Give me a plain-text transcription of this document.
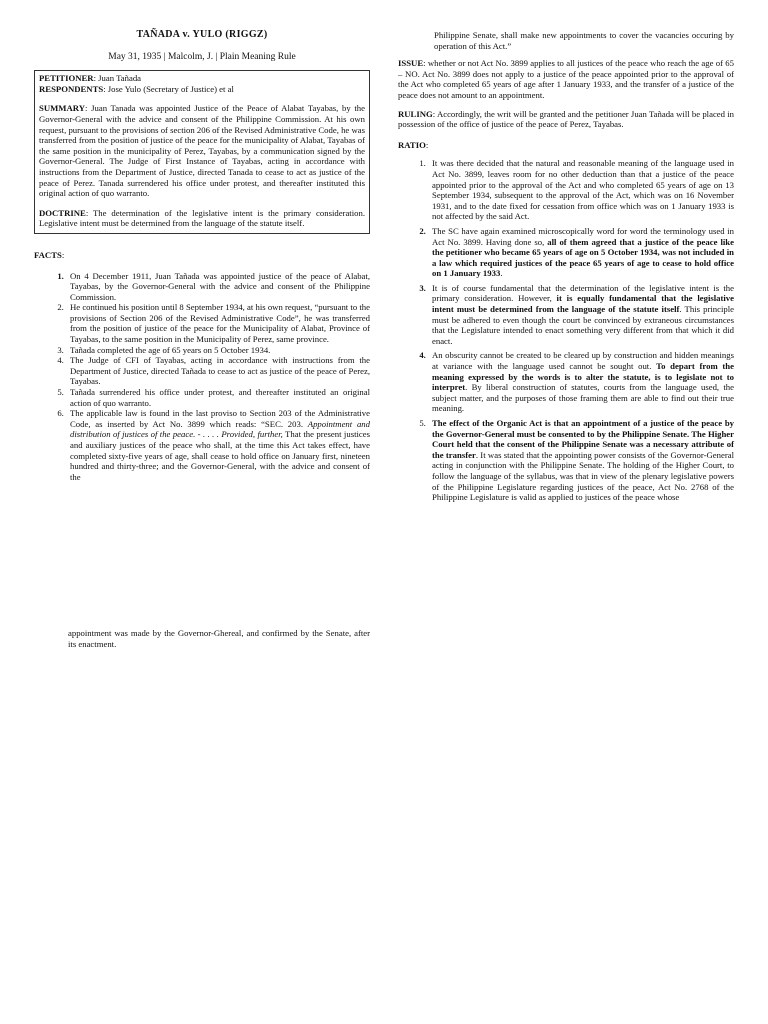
TAÑADA v. YULO (RIGGZ)
May 31, 1935 | Malcolm, J. | Plain Meaning Rule

PETITIONER: Juan Tañada

RESPONDENTS: Jose Yulo (Secretary of Justice) et al

SUMMARY: Juan Tanada was appointed Justice of the Peace of Alabat Tayabas, by the Governor-General with the advice and consent of the Philippine Commission. At his own request, pursuant to the provisions of section 206 of the Revised Administrative Code, he was transferred from the position of justice of the peace for the municipality of Alabat, Tayabas of the same position in the municipality of Perez, Tayabas, by a communication signed by the Governor-General. The Judge of First Instance of Tayabas, acting in accordance with instructions from the Department of Justice, directed Tanada to cease to act as justice of the peace of Perez. Tanada surrendered his office under protest, and thereafter instituted this original action of quo warranto.

DOCTRINE: The determination of the legislative intent is the primary consideration. Legislative intent must be determined from the language of the statute itself.

FACTS:
1. On 4 December 1911, Juan Tañada was appointed justice of the peace of Alabat, Tayabas, by the Governor-General with the advice and consent of the Philippine Commission.
2. He continued his position until 8 September 1934, at his own request, “pursuant to the provisions of Section 206 of the Revised Administrative Code”, he was transferred from the position of justice of the peace for the Municipality of Alabat, Province of Tayabas, to the same position in the Municipality of Perez, same province.
3. Tañada completed the age of 65 years on 5 October 1934.
4. The Judge of CFI of Tayabas, acting in accordance with instructions from the Department of Justice, directed Tañada to cease to act as justice of the peace of Perez, Tayabas.
5. Tañada surrendered his office under protest, and thereafter instituted an original action of quo warranto.
6. The applicable law is found in the last proviso to Section 203 of the Administrative Code, as inserted by Act No. 3899 which reads: “SEC. 203. Appointment and distribution of justices of the peace. - . . . . Provided, further, That the present justices and auxiliary justices of the peace who shall, at the time this Act takes effect, have completed sixty-five years of age, shall cease to hold office on January first, nineteen hundred and thirty-three; and the Governor-General, with the advice and consent of the
appointment was made by the Governor-Ghereal, and confirmed by the Senate, after its enactment.

Philippine Senate, shall make new appointments to cover the vacancies occuring by operation of this Act.”

ISSUE: whether or not Act No. 3899 applies to all justices of the peace who reach the age of 65 – NO. Act No. 3899 does not apply to a justice of the peace appointed prior to the approval of the Act who completed 65 years of age after 1 January 1933, and the transfer of a justice of the peace does not amount to an appointment.

RULING: Accordingly, the writ will be granted and the petitioner Juan Tañada will be placed in possession of the office of justice of the peace of Perez, Tayabas.

RATIO:

1. It was there decided that the natural and reasonable meaning of the language used in Act No. 3899, leaves room for no other deduction than that a justice of the peace appointed prior to the approval of the Act and who completed 65 years of age on 13 September 1934, subsequent to the approval of the Act, which was on 16 November 1931, and to the date fixed for cessation from office which was on 1 January 1933 is not affected by the said Act.
2. The SC have again examined microscopically word for word the terminology used in Act No. 3899. Having done so, all of them agreed that a justice of the peace like the petitioner who became 65 years of age on 5 October 1934, was not included in a law which required justices of the peace 65 years of age to cease to hold office on 1 January 1933.
3. It is of course fundamental that the determination of the legislative intent is the primary consideration. However, it is equally fundamental that the legislative intent must be determined from the language of the statute itself. This principle must be adhered to even though the court be convinced by extraneous circumstances that the Legislature intended to enact something very different from that which it did enact.
4. An obscurity cannot be created to be cleared up by construction and hidden meanings at variance with the language used cannot be sought out. To depart from the meaning expressed by the words is to alter the statute, is to legislate not to interpret. By liberal construction of statutes, courts from the language used, the subject matter, and the purposes of those framing them are able to find out their true meaning.
5. The effect of the Organic Act is that an appointment of a justice of the peace by the Governor-General must be consented to by the Philippine Senate. The Higher Court held that the consent of the Philippine Senate was a necessary attribute of the transfer. It was stated that the appointing power consists of the Governor-General acting in conjunction with the Philippine Senate. The holding of the Higher Court, to follow the language of the syllabus, was that in view of the plenary legislative powers of the Philippine Legislature regarding justices of the peace, Act No. 2768 of the Philippine Legislature is valid as applied to justices of the peace whose
